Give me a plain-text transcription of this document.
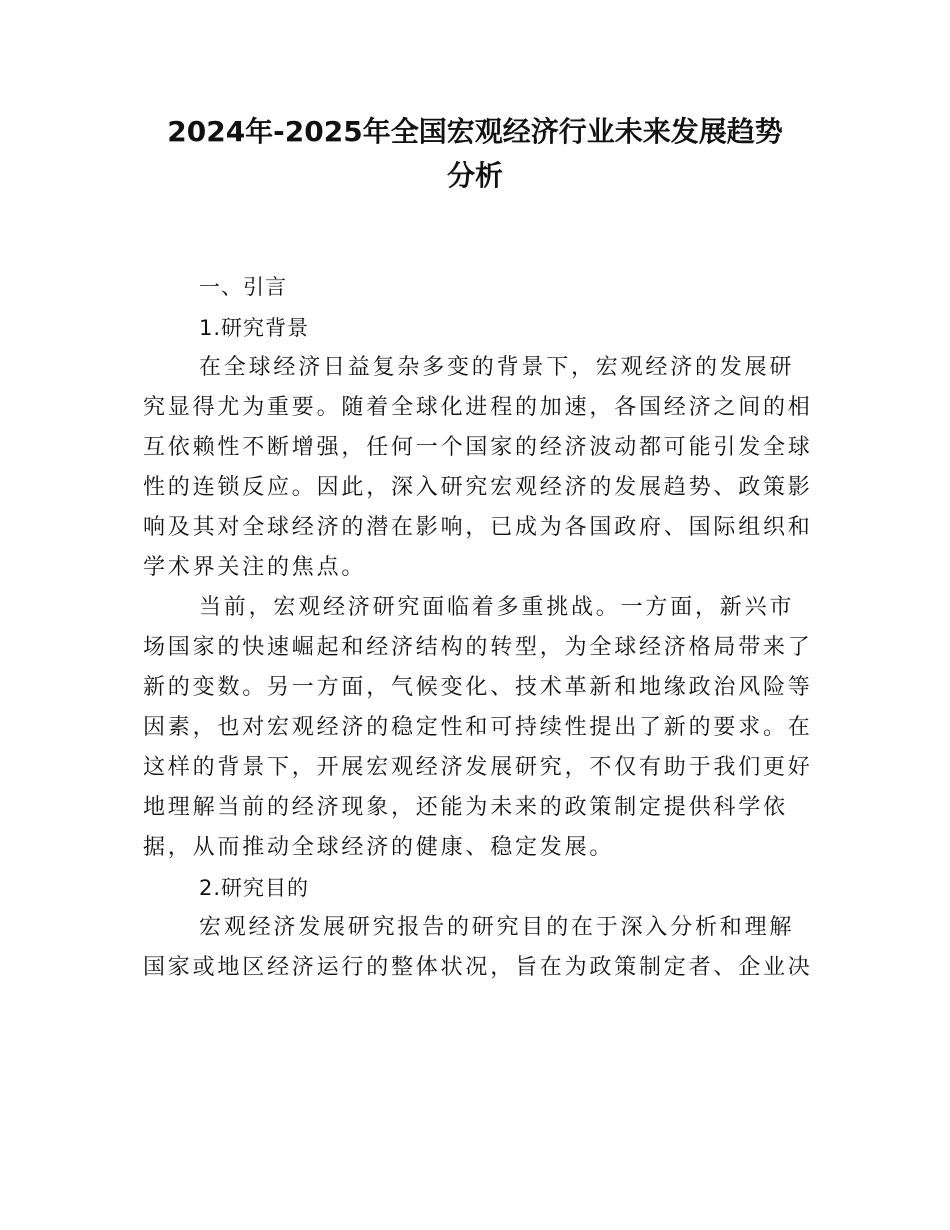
2024年-2025年全国宏观经济行业未来发展趋势
分析

一、引言

1.研究背景

在全球经济日益复杂多变的背景下，宏观经济的发展研
究显得尤为重要。随着全球化进程的加速，各国经济之间的相
互依赖性不断增强，任何一个国家的经济波动都可能引发全球
性的连锁反应。因此，深入研究宏观经济的发展趋势、政策影
响及其对全球经济的潜在影响，已成为各国政府、国际组织和
学术界关注的焦点。

当前，宏观经济研究面临着多重挑战。一方面，新兴市
场国家的快速崛起和经济结构的转型，为全球经济格局带来了
新的变数。另一方面，气候变化、技术革新和地缘政治风险等
因素，也对宏观经济的稳定性和可持续性提出了新的要求。在
这样的背景下，开展宏观经济发展研究，不仅有助于我们更好
地理解当前的经济现象，还能为未来的政策制定提供科学依
据，从而推动全球经济的健康、稳定发展。

2.研究目的

宏观经济发展研究报告的研究目的在于深入分析和理解
国家或地区经济运行的整体状况，旨在为政策制定者、企业决
